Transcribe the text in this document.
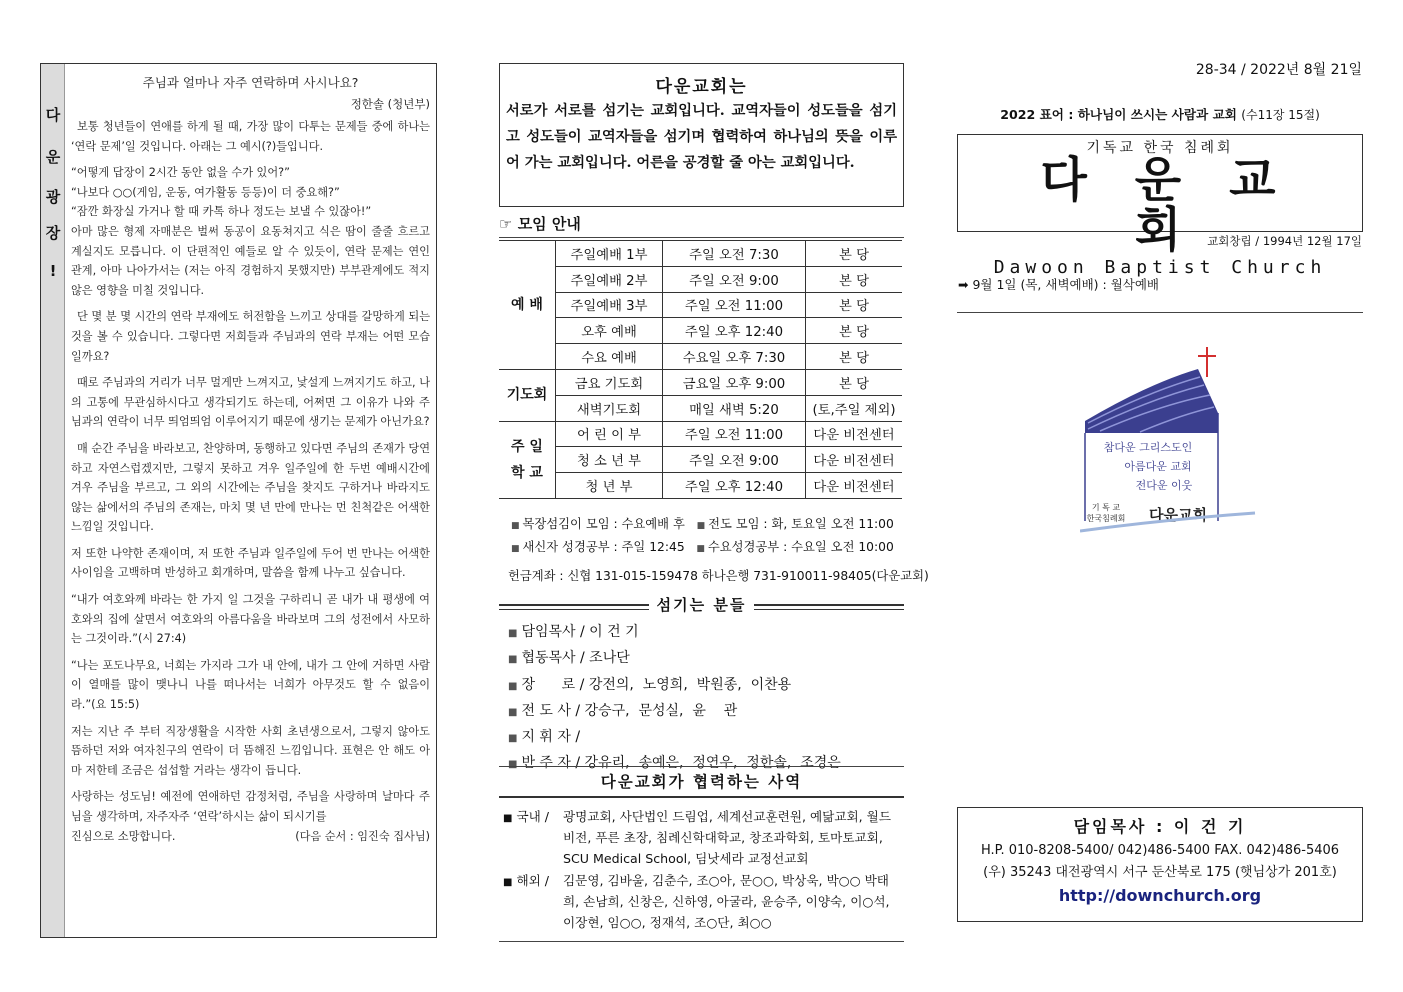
다
운
광
장
!
주님과 얼마나 자주 연락하며 사시나요?
정한솔 (청년부)

보통 청년들이 연애를 하게 될 때, 가장 많이 다투는 문제들 중에 하나는 ‘연락 문제’일 것입니다. 아래는 그 예시(?)들입니다.

“어떻게 답장이 2시간 동안 없을 수가 있어?”

“나보다 ○○(게임, 운동, 여가활동 등등)이 더 중요해?”

“잠깐 화장실 가거나 할 때 카톡 하나 정도는 보낼 수 있잖아!”

아마 많은 형제 자매분은 벌써 동공이 요동쳐지고 식은 땀이 줄줄 흐르고 계실지도 모릅니다. 이 단편적인 예들로 알 수 있듯이, 연락 문제는 연인 관계, 아마 나아가서는 (저는 아직 경험하지 못했지만) 부부관계에도 적지 않은 영향을 미칠 것입니다.

단 몇 분 몇 시간의 연락 부재에도 허전함을 느끼고 상대를 갈망하게 되는 것을 볼 수 있습니다. 그렇다면 저희들과 주님과의 연락 부재는 어떤 모습일까요?

때로 주님과의 거리가 너무 멀게만 느껴지고, 낯설게 느껴지기도 하고, 나의 고통에 무관심하시다고 생각되기도 하는데, 어쩌면 그 이유가 나와 주님과의 연락이 너무 띄엄띄엄 이루어지기 때문에 생기는 문제가 아닌가요?

매 순간 주님을 바라보고, 찬양하며, 동행하고 있다면 주님의 존재가 당연하고 자연스럽겠지만, 그렇지 못하고 겨우 일주일에 한 두번 예배시간에 겨우 주님을 부르고, 그 외의 시간에는 주님을 찾지도 구하거나 바라지도 않는 삶에서의 주님의 존재는, 마치 몇 년 만에 만나는 먼 친척같은 어색한 느낌일 것입니다.

저 또한 나약한 존재이며, 저 또한 주님과 일주일에 두어 번 만나는 어색한 사이임을 고백하며 반성하고 회개하며, 말씀을 함께 나누고 싶습니다.

“내가 여호와께 바라는 한 가지 일 그것을 구하리니 곧 내가 내 평생에 여호와의 집에 살면서 여호와의 아름다움을 바라보며 그의 성전에서 사모하는 그것이라.”(시 27:4)

“나는 포도나무요, 너희는 가지라 그가 내 안에, 내가 그 안에 거하면 사람이 열매를 많이 맺나니 나를 떠나서는 너희가 아무것도 할 수 없음이라.”(요 15:5)

저는 지난 주 부터 직장생활을 시작한 사회 초년생으로서, 그렇지 않아도 뜸하던 저와 여자친구의 연락이 더 뜸해진 느낌입니다. 표현은 안 해도 아마 저한테 조금은 섭섭할 거라는 생각이 듭니다.

사랑하는 성도님! 예전에 연애하던 감정처럼, 주님을 사랑하며 날마다 주님을 생각하며, 자주자주 ‘연락’하시는 삶이 되시기를

진심으로 소망합니다.	(다음 순서 : 임진숙 집사님)
다운교회는
서로가 서로를 섬기는 교회입니다. 교역자들이 성도들을 섬기고 성도들이 교역자들을 섬기며 협력하여 하나님의 뜻을 이루어 가는 교회입니다. 어른을 공경할 줄 아는 교회입니다.
☞ 모임 안내
예 배	주일예배 1부	주일 오전 7:30	본 당
	주일예배 2부	주일 오전 9:00	본 당
	주일예배 3부	주일 오전 11:00	본 당
	오후 예배	주일 오후 12:40	본 당
	수요 예배	수요일 오후 7:30	본 당
기도회	금요 기도회	금요일 오후 9:00	본 당
	새벽기도회	매일 새벽 5:20	(토,주일 제외)

주 일
학 교	어 린 이 부	주일 오전 11:00	다운 비전센터
	청 소 년 부	주일 오전 9:00	다운 비전센터
	청 년 부	주일 오후 12:40	다운 비전센터
■ 목장섬김이 모임 : 수요예배 후 ■ 전도 모임 : 화, 토요일 오전 11:00
■ 새신자 성경공부 : 주일 12:45 ■ 수요성경공부 : 수요일 오전 10:00
헌금계좌 : 신협 131-015-159478 하나은행 731-910011-98405(다운교회)
섬기는 분들
■ 담임목사 / 이 건 기
■ 협동목사 / 조나단
■ 장      로 / 강전의,  노영희,  박원종,  이찬용
■ 전 도 사 / 강승구,  문성실,  윤    관
■ 지 휘 자 /
■ 반 주 자 / 강유리,  송예은,  정연우,  정한솔,  조경은
다운교회가 협력하는 사역
■ 국내 /	광명교회, 사단법인 드림업, 세계선교훈련원, 예닮교회, 월드비전, 푸른 초장, 침례신학대학교, 창조과학회, 토마토교회, SCU Medical School, 딤낫세라 교정선교회
■ 해외 /	김문영, 김바울, 김춘수, 조○아, 문○○, 박상욱, 박○○ 박태희, 손남희, 신창은, 신하영, 아굴라, 윤승주, 이양숙, 이○석, 이장현, 임○○, 정재석, 조○단, 최○○
28-34 / 2022년 8월 21일
2022 표어 : 하나님이 쓰시는 사람과 교회 (수11장 15절)
기독교 한국 침례회
다운교회
Dawoon Baptist Church
교회창립 / 1994년 12월 17일
➡ 9월 1일 (목, 새벽예배) : 월삭예배
참다운 그리스도인
아름다운 교회
전다운 이웃
기 독 교
한국침례회 다운교회
담임목사 : 이 건 기
H.P. 010-8208-5400/ 042)486-5400 FAX. 042)486-5406
(우) 35243 대전광역시 서구 둔산북로 175 (햇님상가 201호)
http://downchurch.org
